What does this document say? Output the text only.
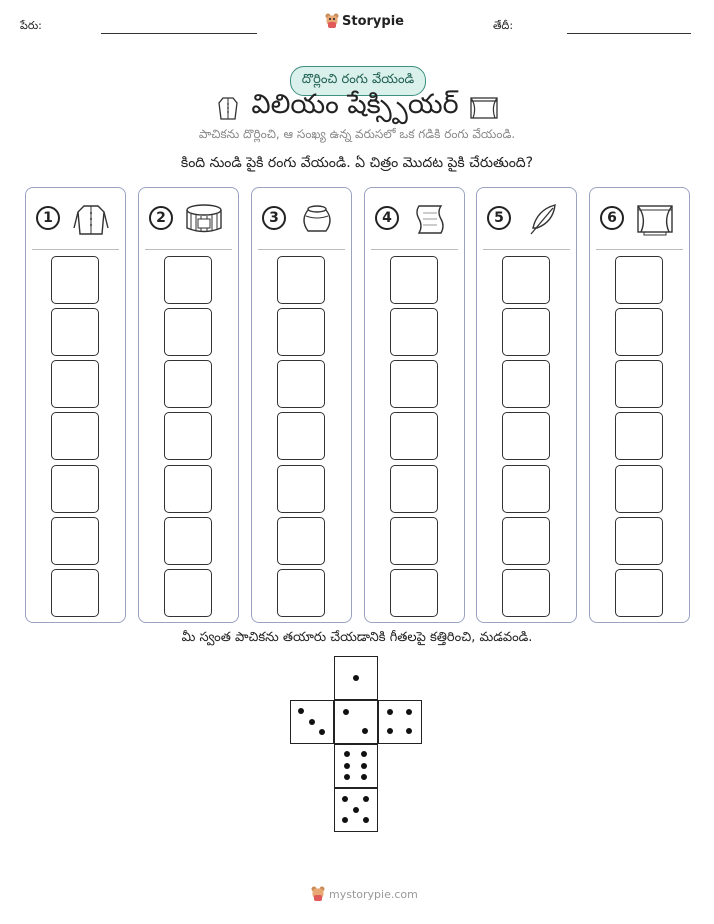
పేరు:	Storypie	తేదీ:
దొర్లించి రంగు వేయండి
విలియం షేక్స్పియర్
పాచికను దొర్లించి, ఆ సంఖ్య ఉన్న వరుసలో ఒక గడికి రంగు వేయండి.
కింది నుండి పైకి రంగు వేయండి. ఏ చిత్రం మొదట పైకి చేరుతుంది?
1	2	3	4	5	6
మీ స్వంత పాచికను తయారు చేయడానికి గీతలపై కత్తిరించి, మడవండి.
mystorypie.com
